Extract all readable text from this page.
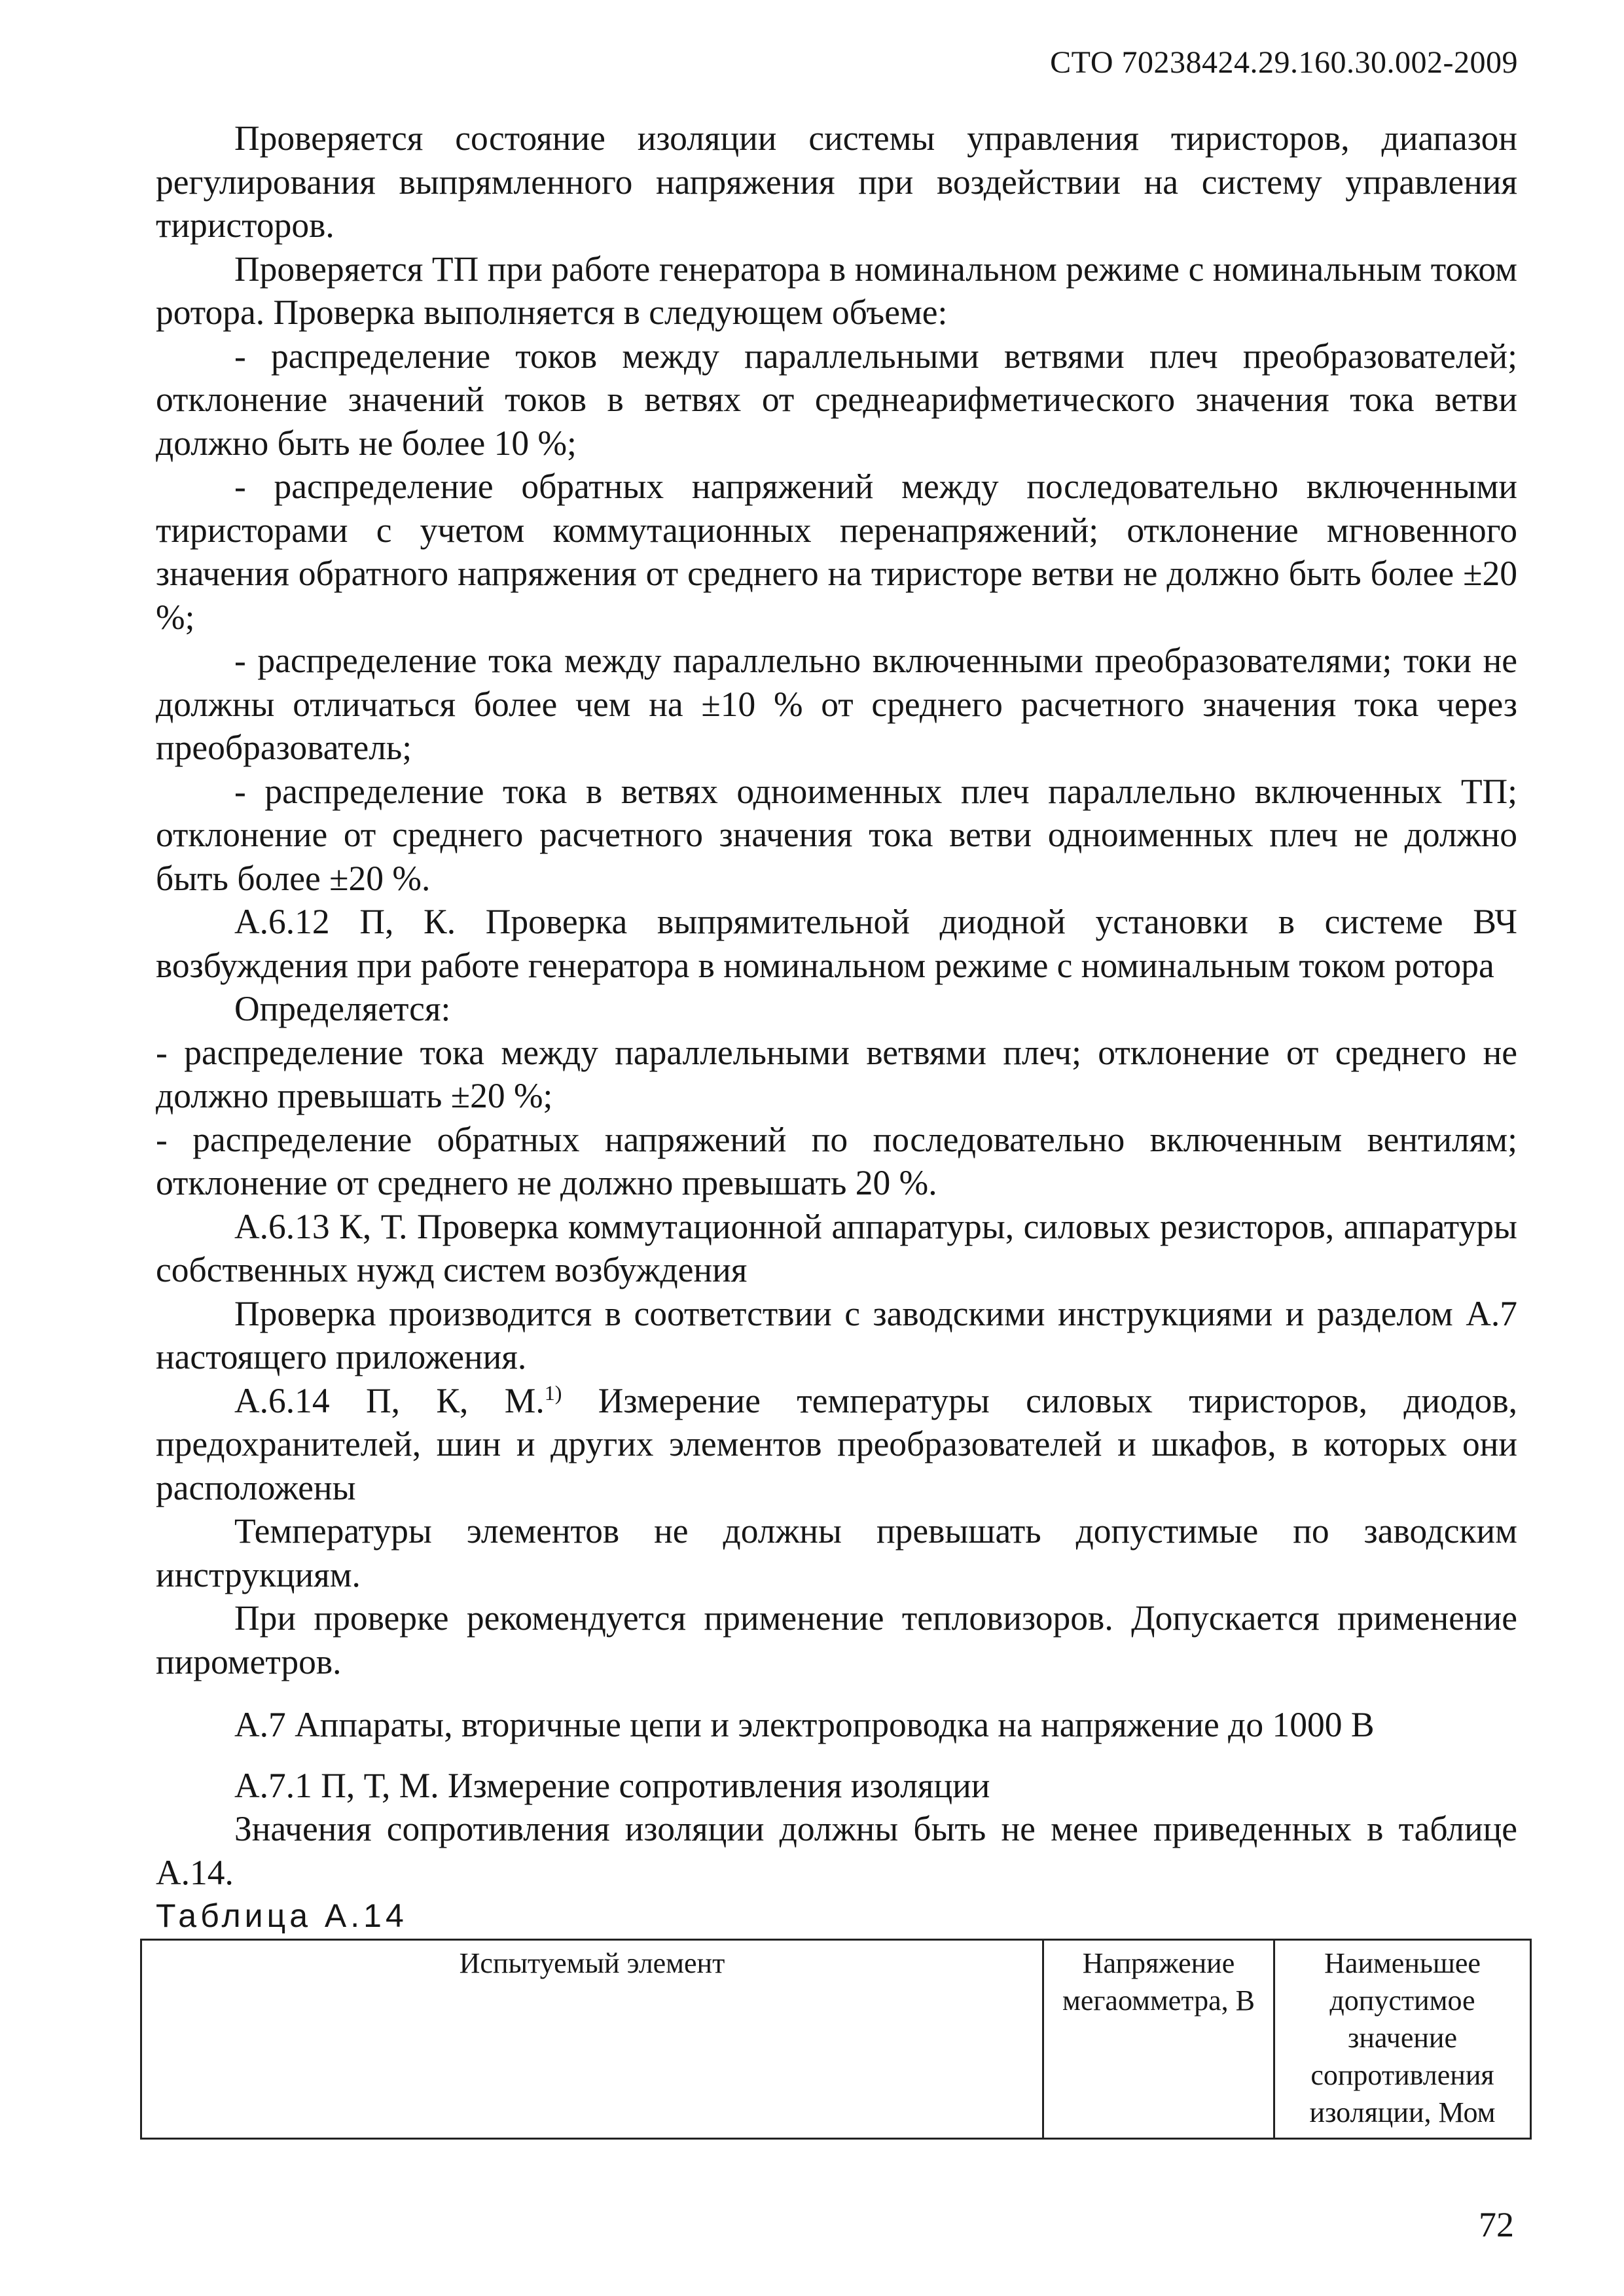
СТО 70238424.29.160.30.002-2009

Проверяется состояние изоляции системы управления тиристоров, диапазон регулирования выпрямленного напряжения при воздействии на систему управления тиристоров.

Проверяется ТП при работе генератора в номинальном режиме с номинальным током ротора. Проверка выполняется в следующем объеме:

- распределение токов между параллельными ветвями плеч преобразователей; отклонение значений токов в ветвях от среднеарифметического значения тока ветви должно быть не более 10 %;

- распределение обратных напряжений между последовательно включенными тиристорами с учетом коммутационных перенапряжений; отклонение мгновенного значения обратного напряжения от среднего на тиристоре ветви не должно быть более ±20 %;

- распределение тока между параллельно включенными преобразователями; токи не должны отличаться более чем на ±10 % от среднего расчетного значения тока через преобразователь;

- распределение тока в ветвях одноименных плеч параллельно включенных ТП; отклонение от среднего расчетного значения тока ветви одноименных плеч не должно быть более ±20 %.

А.6.12 П, К. Проверка выпрямительной диодной установки в системе ВЧ возбуждения при работе генератора в номинальном режиме с номинальным током ротора

Определяется:

- распределение тока между параллельными ветвями плеч; отклонение от среднего не должно превышать ±20 %;

- распределение обратных напряжений по последовательно включенным вентилям; отклонение от среднего не должно превышать 20 %.

А.6.13 К, Т. Проверка коммутационной аппаратуры, силовых резисторов, аппаратуры собственных нужд систем возбуждения

Проверка производится в соответствии с заводскими инструкциями и разделом А.7 настоящего приложения.

А.6.14 П, К, М.$^{1)}$ Измерение температуры силовых тиристоров, диодов, предохранителей, шин и других элементов преобразователей и шкафов, в которых они расположены

Температуры элементов не должны превышать допустимые по заводским инструкциям.

При проверке рекомендуется применение тепловизоров. Допускается применение пирометров.

А.7 Аппараты, вторичные цепи и электропроводка на напряжение до 1000 В

А.7.1 П, Т, М. Измерение сопротивления изоляции

Значения сопротивления изоляции должны быть не менее приведенных в таблице А.14.

Таблица А.14
Испытуемый элемент	Напряжение мегаомметра, В	Наименьшее допустимое значение сопротивления изоляции, Мом
72
